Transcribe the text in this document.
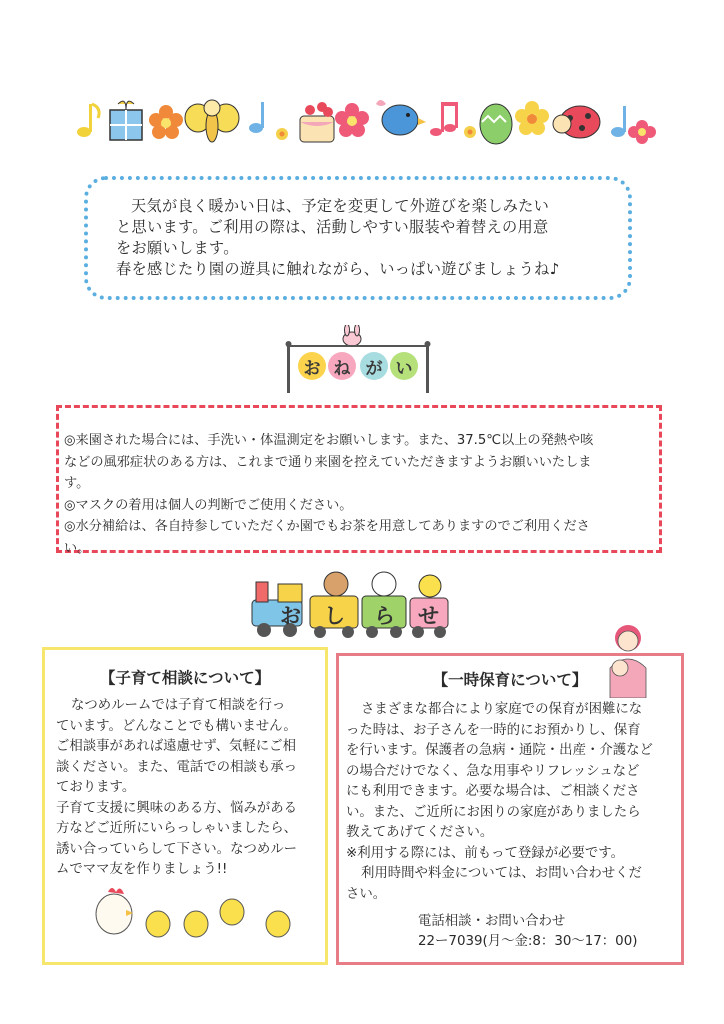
天気が良く暖かい日は、予定を変更して外遊びを楽しみたい
と思います。ご利用の際は、活動しやすい服装や着替えの用意
をお願いします。
春を感じたり園の遊具に触れながら、いっぱい遊びましょうね♪
お ね が い
◎来園された場合には、手洗い・体温測定をお願いします。また、37.5℃以上の発熱や咳
などの風邪症状のある方は、これまで通り来園を控えていただきますようお願いいたしま
す。
◎マスクの着用は個人の判断でご使用ください。
◎水分補給は、各自持参していただくか園でもお茶を用意してありますのでご利用くださ
い。
お し ら せ
【子育て相談について】
なつめルームでは子育て相談を行っ
ています。どんなことでも構いません。
ご相談事があれば遠慮せず、気軽にご相
談ください。また、電話での相談も承っ
ております。
子育て支援に興味のある方、悩みがある
方などご近所にいらっしゃいましたら、
誘い合っていらして下さい。なつめルー
ムでママ友を作りましょう!!
【一時保育について】
さまざまな都合により家庭での保育が困難にな
った時は、お子さんを一時的にお預かりし、保育
を行います。保護者の急病・通院・出産・介護など
の場合だけでなく、急な用事やリフレッシュなど
にも利用できます。必要な場合は、ご相談くださ
い。また、ご近所にお困りの家庭がありましたら
教えてあげてください。
※利用する際には、前もって登録が必要です。
利用時間や料金については、お問い合わせくだ
さい。
電話相談・お問い合わせ
22ー7039(月〜金:8：30〜17：00)
